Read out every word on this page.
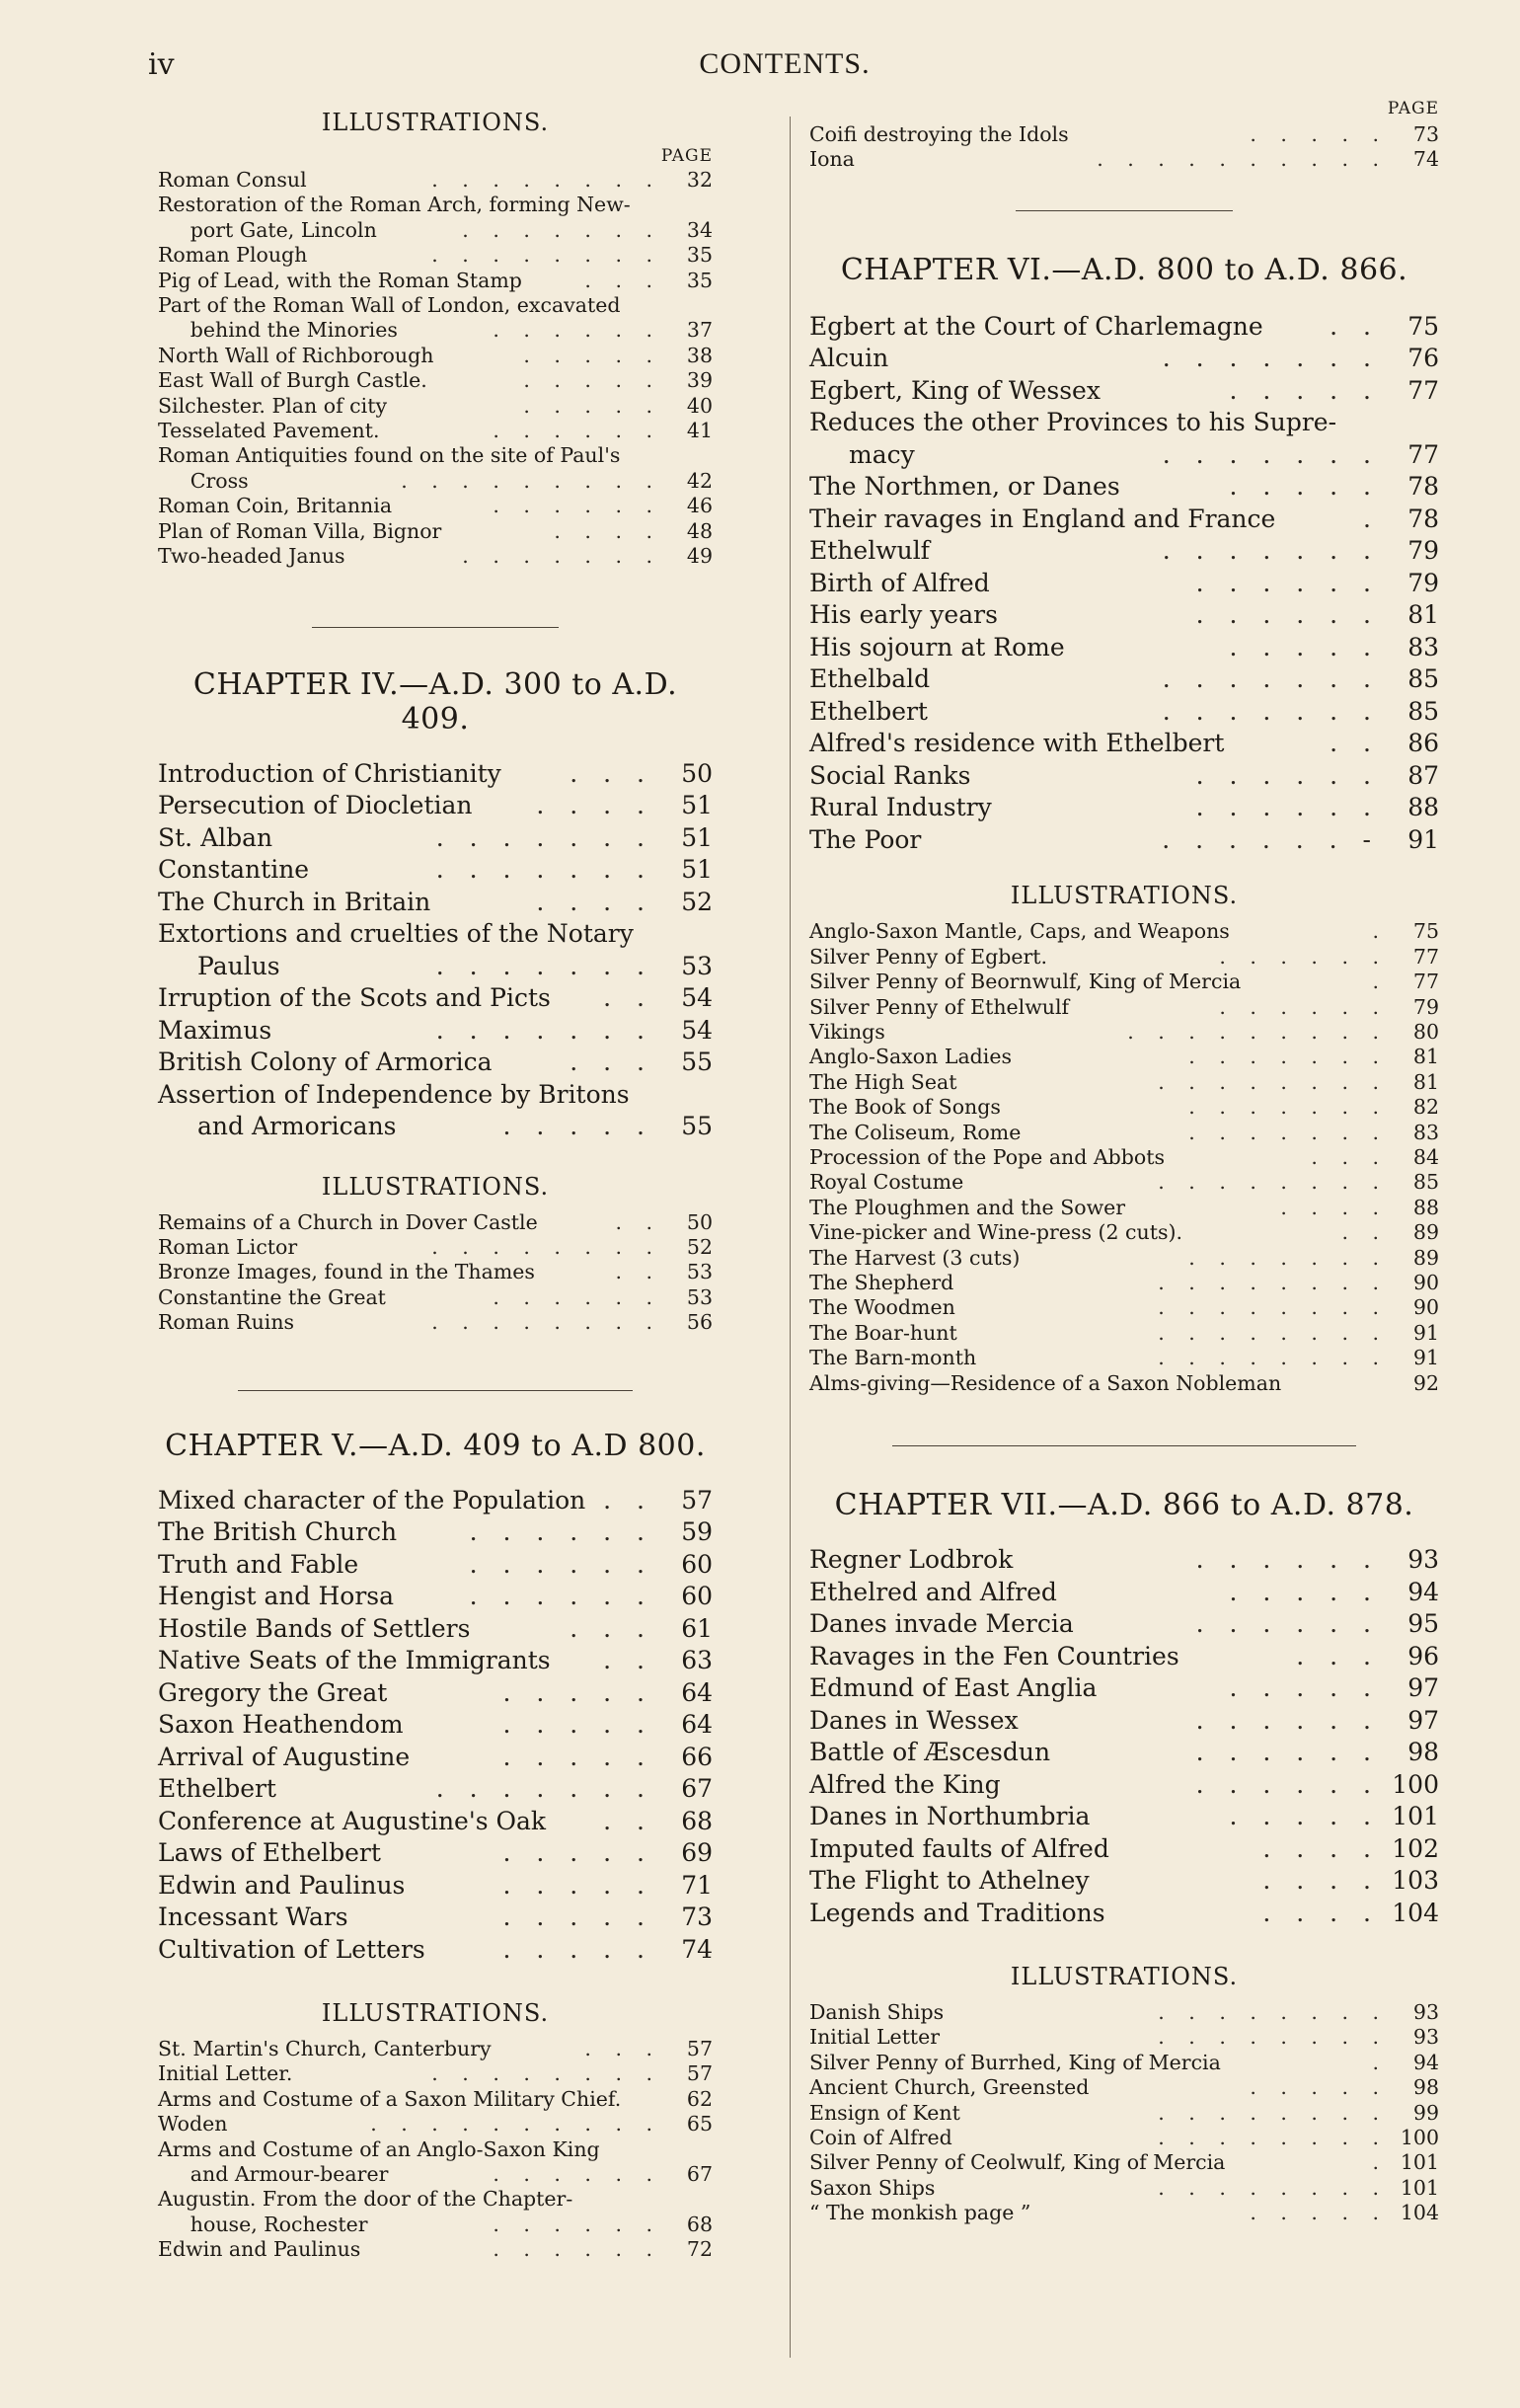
iv	CONTENTS.
ILLUSTRATIONS.
PAGE
Roman Consul	. . . . . . . .	32
Restoration of the Roman Arch, forming New-
port Gate, Lincoln	. . . . . . .	34
Roman Plough	. . . . . . . .	35
Pig of Lead, with the Roman Stamp	. . .	35
Part of the Roman Wall of London, excavated
behind the Minories	. . . . . .	37
North Wall of Richborough	. . . . .	38
East Wall of Burgh Castle.	. . . . .	39
Silchester. Plan of city	. . . . .	40
Tesselated Pavement.	. . . . . .	41
Roman Antiquities found on the site of Paul's
Cross	. . . . . . . . .	42
Roman Coin, Britannia	. . . . . .	46
Plan of Roman Villa, Bignor	. . . .	48
Two-headed Janus	. . . . . . .	49
CHAPTER IV.—A.D. 300 to A.D. 409.
Introduction of Christianity	. . .	50
Persecution of Diocletian	. . . .	51
St. Alban	. . . . . . .	51
Constantine	. . . . . . .	51
The Church in Britain	. . . .	52
Extortions and cruelties of the Notary
Paulus	. . . . . . .	53
Irruption of the Scots and Picts	. .	54
Maximus	. . . . . . .	54
British Colony of Armorica	. . .	55
Assertion of Independence by Britons
and Armoricans	. . . . .	55
ILLUSTRATIONS.
Remains of a Church in Dover Castle	. .	50
Roman Lictor	. . . . . . . .	52
Bronze Images, found in the Thames	. .	53
Constantine the Great	. . . . . .	53
Roman Ruins	. . . . . . . .	56
CHAPTER V.—A.D. 409 to A.D 800.
Mixed character of the Population . .	57
The British Church	. . . . . .	59
Truth and Fable	. . . . . .	60
Hengist and Horsa	. . . . . .	60
Hostile Bands of Settlers	. . .	61
Native Seats of the Immigrants	. .	63
Gregory the Great	. . . . .	64
Saxon Heathendom	. . . . .	64
Arrival of Augustine	. . . . .	66
Ethelbert	. . . . . . .	67
Conference at Augustine's Oak	. .	68
Laws of Ethelbert	. . . . .	69
Edwin and Paulinus	. . . . .	71
Incessant Wars	. . . . .	73
Cultivation of Letters	. . . . .	74
ILLUSTRATIONS.
St. Martin's Church, Canterbury	. . .	57
Initial Letter.	. . . . . . . .	57
Arms and Costume of a Saxon Military Chief.	62
Woden	. . . . . . . . . .	65
Arms and Costume of an Anglo-Saxon King
and Armour-bearer	. . . . . .	67
Augustin. From the door of the Chapter-
house, Rochester	. . . . . .	68
Edwin and Paulinus	. . . . . .	72
PAGE
Coifi destroying the Idols	. . . . .	73
Iona	. . . . . . . . . .	74
CHAPTER VI.—A.D. 800 to A.D. 866.
Egbert at the Court of Charlemagne	. .	75
Alcuin	. . . . . . .	76
Egbert, King of Wessex	. . . . .	77
Reduces the other Provinces to his Supre-
macy	. . . . . . .	77
The Northmen, or Danes	. . . . .	78
Their ravages in England and France	.	78
Ethelwulf	. . . . . . .	79
Birth of Alfred	. . . . . .	79
His early years	. . . . . .	81
His sojourn at Rome	. . . . .	83
Ethelbald	. . . . . . .	85
Ethelbert	. . . . . . .	85
Alfred's residence with Ethelbert	. .	86
Social Ranks	. . . . . .	87
Rural Industry	. . . . . .	88
The Poor	. . . . . . -	91
ILLUSTRATIONS.
Anglo-Saxon Mantle, Caps, and Weapons	.	75
Silver Penny of Egbert.	. . . . . .	77
Silver Penny of Beornwulf, King of Mercia	.	77
Silver Penny of Ethelwulf	. . . . . .	79
Vikings	. . . . . . . . .	80
Anglo-Saxon Ladies	. . . . . . .	81
The High Seat	. . . . . . . .	81
The Book of Songs	. . . . . . .	82
The Coliseum, Rome	. . . . . . .	83
Procession of the Pope and Abbots	. . .	84
Royal Costume	. . . . . . . .	85
The Ploughmen and the Sower	. . . .	88
Vine-picker and Wine-press (2 cuts).	. .	89
The Harvest (3 cuts)	. . . . . . .	89
The Shepherd	. . . . . . . .	90
The Woodmen	. . . . . . . .	90
The Boar-hunt	. . . . . . . .	91
The Barn-month	. . . . . . . .	91
Alms-giving—Residence of a Saxon Nobleman	92
CHAPTER VII.—A.D. 866 to A.D. 878.
Regner Lodbrok	. . . . . .	93
Ethelred and Alfred	. . . . .	94
Danes invade Mercia	. . . . . .	95
Ravages in the Fen Countries	. . .	96
Edmund of East Anglia	. . . . .	97
Danes in Wessex	. . . . . .	97
Battle of Æscesdun	. . . . . .	98
Alfred the King	. . . . . . 100
Danes in Northumbria	. . . . . 101
Imputed faults of Alfred	. . . . 102
The Flight to Athelney	. . . . 103
Legends and Traditions	. . . . 104
ILLUSTRATIONS.
Danish Ships	. . . . . . . .	93
Initial Letter	. . . . . . . .	93
Silver Penny of Burrhed, King of Mercia	.	94
Ancient Church, Greensted	. . . . .	98
Ensign of Kent	. . . . . . . .	99
Coin of Alfred	. . . . . . . . 100
Silver Penny of Ceolwulf, King of Mercia	. 101
Saxon Ships	. . . . . . . . 101
“ The monkish page ”	. . . . . 104
